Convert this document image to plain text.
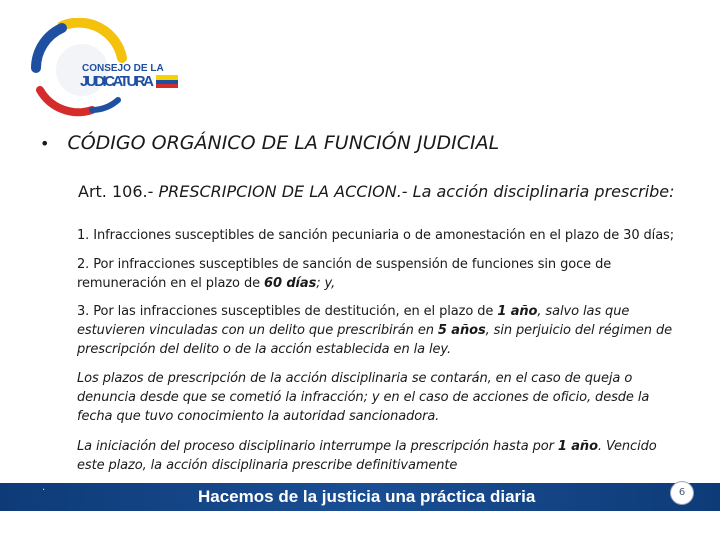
CONSEJO DE LA
JUDICATURA
• CÓDIGO ORGÁNICO DE LA FUNCIÓN JUDICIAL
Art. 106.- PRESCRIPCION DE LA ACCION.- La acción disciplinaria prescribe:
1. Infracciones susceptibles de sanción pecuniaria o de amonestación en el plazo de 30 días;
2. Por infracciones susceptibles de sanción de suspensión de funciones sin goce de remuneración en el plazo de 60 días; y,
3. Por las infracciones susceptibles de destitución, en el plazo de 1 año, salvo las que estuvieren vinculadas con un delito que prescribirán en 5 años, sin perjuicio del régimen de prescripción del delito o de la acción establecida en la ley.
Los plazos de prescripción de la acción disciplinaria se contarán, en el caso de queja o denuncia desde que se cometió la infracción; y en el caso de acciones de oficio, desde la fecha que tuvo conocimiento la autoridad sancionadora.
La iniciación del proceso disciplinario interrumpe la prescripción hasta por 1 año. Vencido este plazo, la acción disciplinaria prescribe definitivamente
·	Hacemos de la justicia una práctica diaria	6
